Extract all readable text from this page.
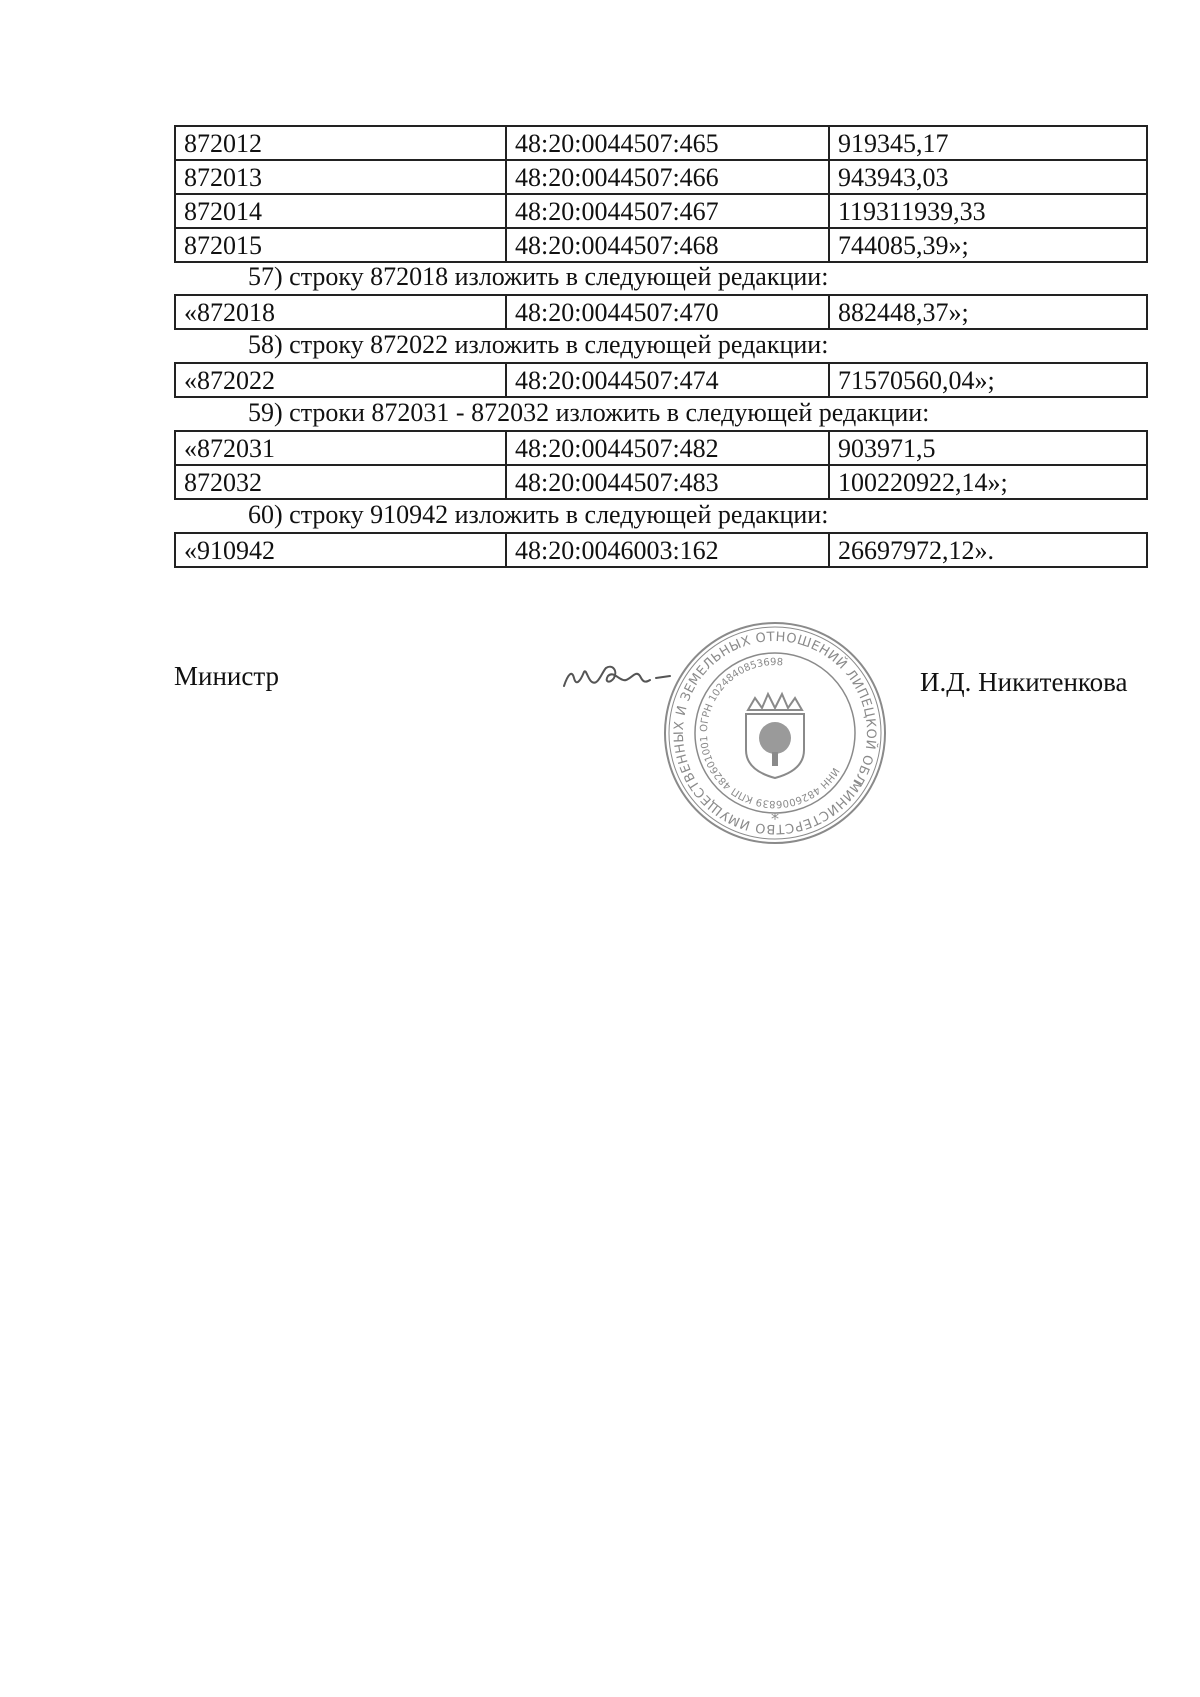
872012	48:20:0044507:465	919345,17
872013	48:20:0044507:466	943943,03
872014	48:20:0044507:467	119311939,33
872015	48:20:0044507:468	744085,39»;
57) строку 872018 изложить в следующей редакции:
«872018	48:20:0044507:470	882448,37»;
58) строку 872022 изложить в следующей редакции:
«872022	48:20:0044507:474	71570560,04»;
59) строки 872031 - 872032 изложить в следующей редакции:
«872031	48:20:0044507:482	903971,5
872032	48:20:0044507:483	100220922,14»;
60) строку 910942 изложить в следующей редакции:
«910942	48:20:0046003:162	26697972,12».
Министр	И.Д. Никитенкова
МИНИСТЕРСТВО ИМУЩЕСТВЕННЫХ И ЗЕМЕЛЬНЫХ ОТНОШЕНИЙ ЛИПЕЦКОЙ ОБЛАСТИ
ИНН 4826006839 КПП 482601001 ОГРН 1024840853698
*
